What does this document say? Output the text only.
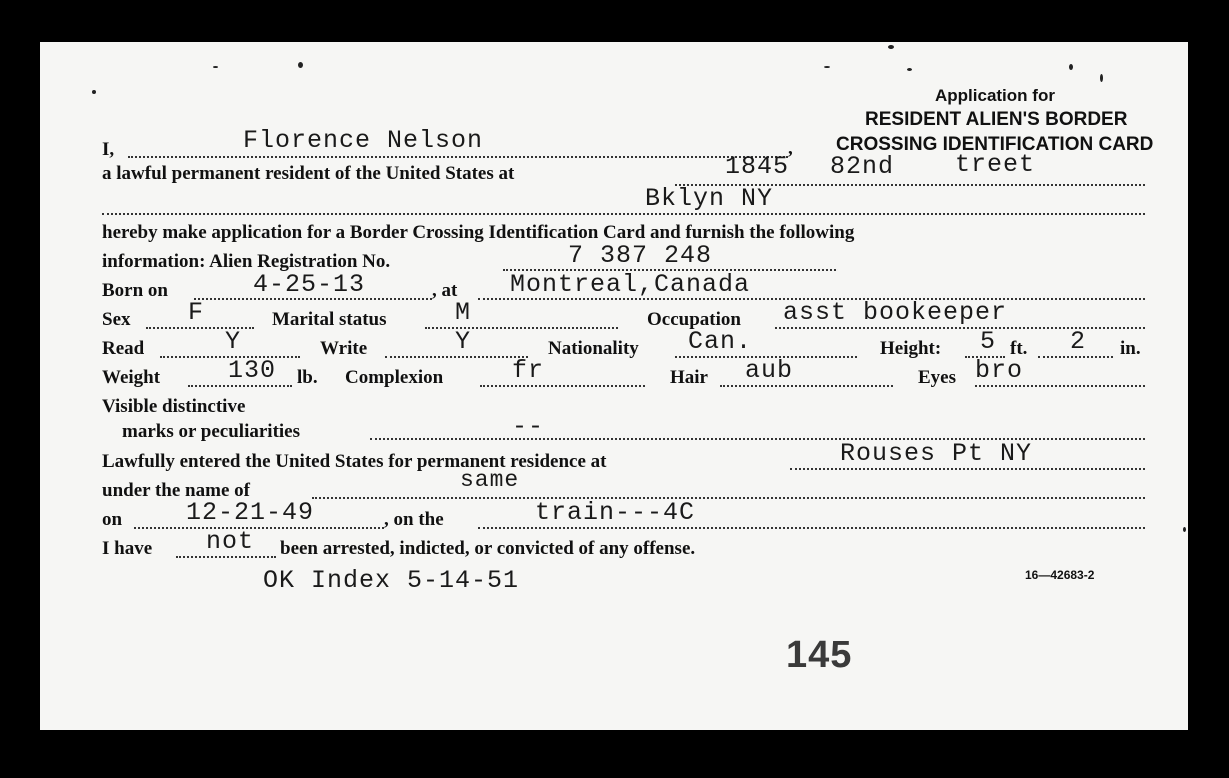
Application for
RESIDENT ALIEN'S BORDER
CROSSING IDENTIFICATION CARD
I,	Florence Nelson	,
a lawful permanent resident of the United States at	1845 82nd treet
Bklyn NY
hereby make application for a Border Crossing Identification Card and furnish the following
information: Alien Registration No.	7 387 248
Born on	4-25-13	, at Montreal,Canada
Sex F	Marital status	M	Occupation asst bookeeper
Read	Y	Write	Y	Nationality Can.	Height: 5 ft. 2 in.
Weight	130 lb. Complexion	fr	Hair aub	Eyes bro
Visible distinctive
marks or peculiarities	--
Lawfully entered the United States for permanent residence at	Rouses Pt NY
under the name of	same
on	12-21-49	, on the	train---4C
I have not been arrested, indicted, or convicted of any offense.
OK Index 5-14-51	16—42683-2
145
